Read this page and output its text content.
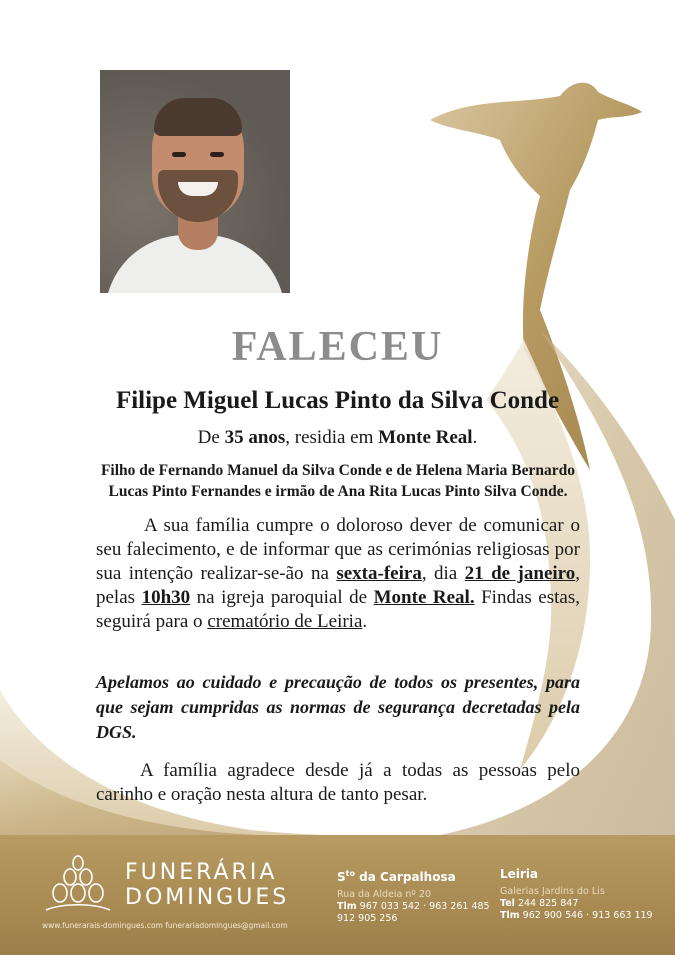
FALECEU
Filipe Miguel Lucas Pinto da Silva Conde
De 35 anos, residia em Monte Real.
Filho de Fernando Manuel da Silva Conde e de Helena Maria Bernardo Lucas Pinto Fernandes e irmão de Ana Rita Lucas Pinto Silva Conde.
A sua família cumpre o doloroso dever de comunicar o seu falecimento, e de informar que as cerimónias religiosas por sua intenção realizar-se-ão na sexta-feira, dia 21 de janeiro, pelas 10h30 na igreja paroquial de Monte Real. Findas estas, seguirá para o crematório de Leiria.
Apelamos ao cuidado e precaução de todos os presentes, para que sejam cumpridas as normas de segurança decretadas pela DGS.
A família agradece desde já a todas as pessoas pelo carinho e oração nesta altura de tanto pesar.
FUNERÁRIA
DOMINGUES
www.funerarais-domingues.com funerariadomingues@gmail.com
$S^{to}$ da Carpalhosa
Rua da Aldeia nº 20
Tlm 967 033 542 · 963 261 485
912 905 256
Leiria
Galerias Jardins do Lis
Tel 244 825 847
Tlm 962 900 546 · 913 663 119
